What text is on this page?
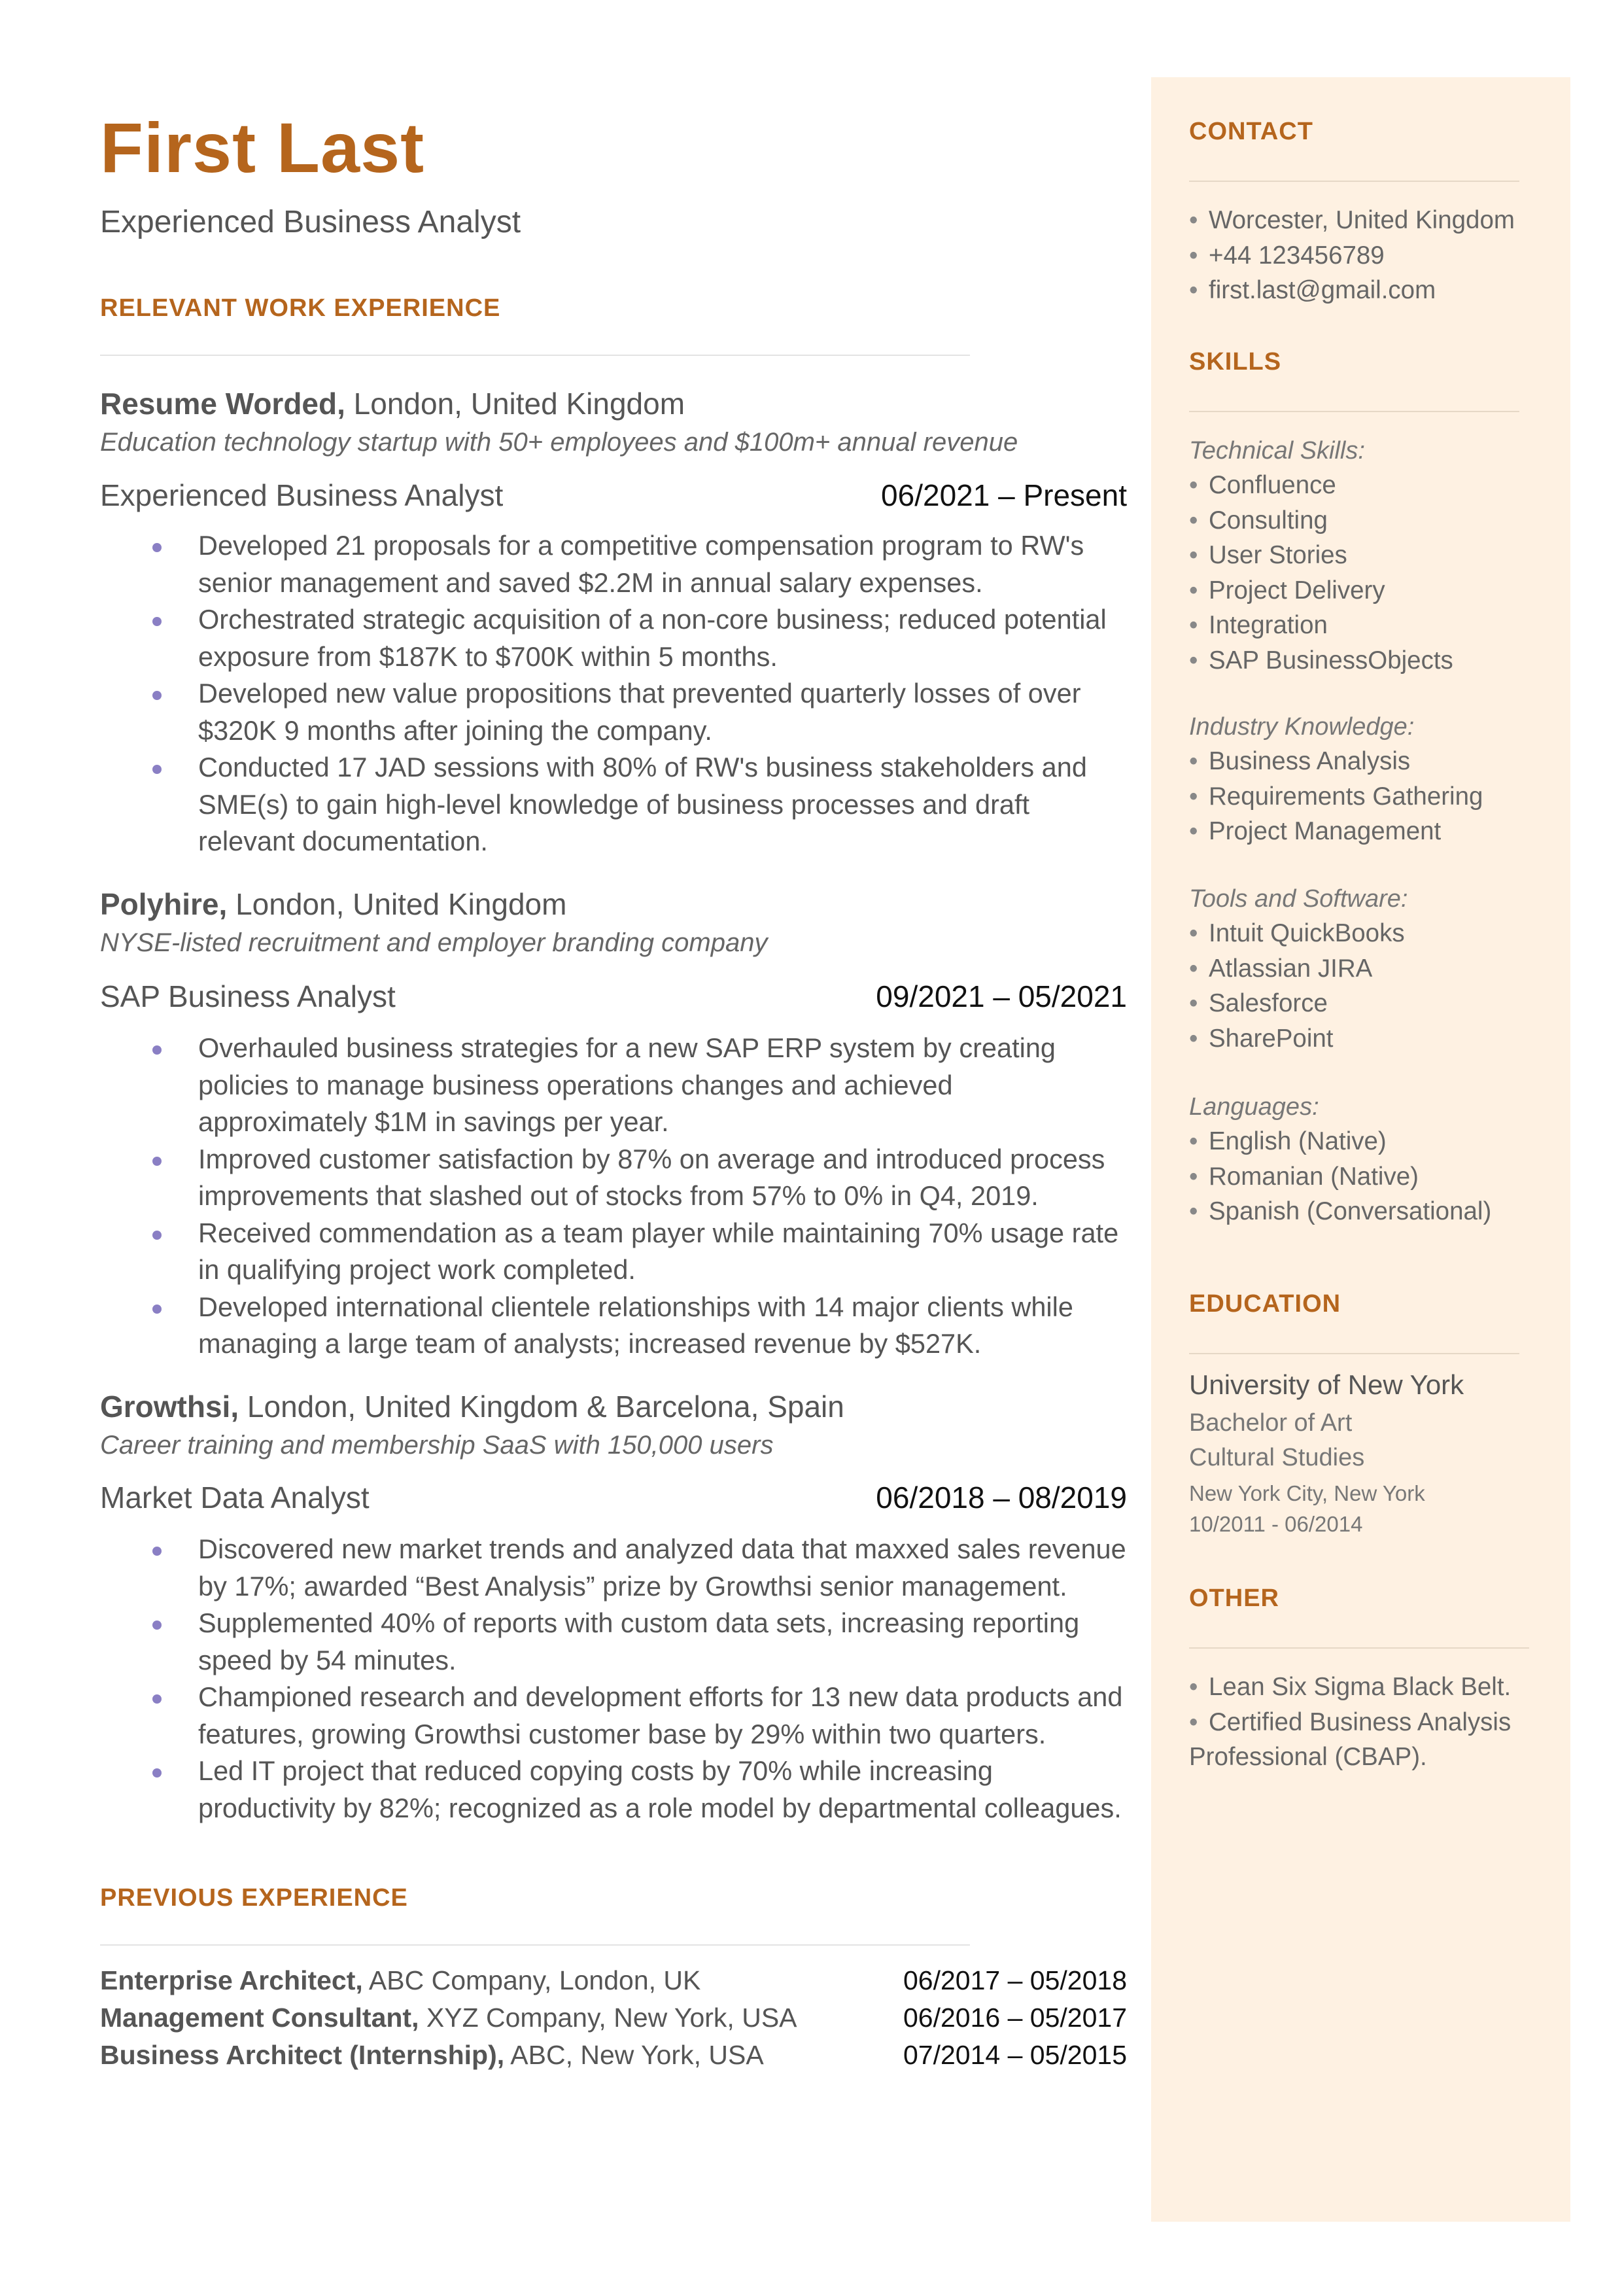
First Last
Experienced Business Analyst
RELEVANT WORK EXPERIENCE
Resume Worded, London, United Kingdom
Education technology startup with 50+ employees and $100m+ annual revenue
Experienced Business Analyst	06/2021 – Present
Developed 21 proposals for a competitive compensation program to RW's senior management and saved $2.2M in annual salary expenses.
Orchestrated strategic acquisition of a non-core business; reduced potential exposure from $187K to $700K within 5 months.
Developed new value propositions that prevented quarterly losses of over $320K 9 months after joining the company.
Conducted 17 JAD sessions with 80% of RW's business stakeholders and SME(s) to gain high-level knowledge of business processes and draft relevant documentation.
Polyhire, London, United Kingdom
NYSE-listed recruitment and employer branding company
SAP Business Analyst	09/2021 – 05/2021
Overhauled business strategies for a new SAP ERP system by creating policies to manage business operations changes and achieved approximately $1M in savings per year.
Improved customer satisfaction by 87% on average and introduced process improvements that slashed out of stocks from 57% to 0% in Q4, 2019.
Received commendation as a team player while maintaining 70% usage rate in qualifying project work completed.
Developed international clientele relationships with 14 major clients while managing a large team of analysts; increased revenue by $527K.
Growthsi, London, United Kingdom & Barcelona, Spain
Career training and membership SaaS with 150,000 users
Market Data Analyst	06/2018 – 08/2019
Discovered new market trends and analyzed data that maxxed sales revenue by 17%; awarded “Best Analysis” prize by Growthsi senior management.
Supplemented 40% of reports with custom data sets, increasing reporting speed by 54 minutes.
Championed research and development efforts for 13 new data products and features, growing Growthsi customer base by 29% within two quarters.
Led IT project that reduced copying costs by 70% while increasing productivity by 82%; recognized as a role model by departmental colleagues.
PREVIOUS EXPERIENCE
Enterprise Architect, ABC Company, London, UK	06/2017 – 05/2018
Management Consultant, XYZ Company, New York, USA	06/2016 – 05/2017
Business Architect (Internship), ABC, New York, USA	07/2014 – 05/2015
CONTACT
• Worcester, United Kingdom
• +44 123456789
• first.last@gmail.com
SKILLS
Technical Skills:
• Confluence
• Consulting
• User Stories
• Project Delivery
• Integration
• SAP BusinessObjects
Industry Knowledge:
• Business Analysis
• Requirements Gathering
• Project Management
Tools and Software:
• Intuit QuickBooks
• Atlassian JIRA
• Salesforce
• SharePoint
Languages:
• English (Native)
• Romanian (Native)
• Spanish (Conversational)
EDUCATION
University of New York
Bachelor of Art
Cultural Studies
New York City, New York
10/2011 - 06/2014
OTHER
• Lean Six Sigma Black Belt.
• Certified Business Analysis
Professional (CBAP).
